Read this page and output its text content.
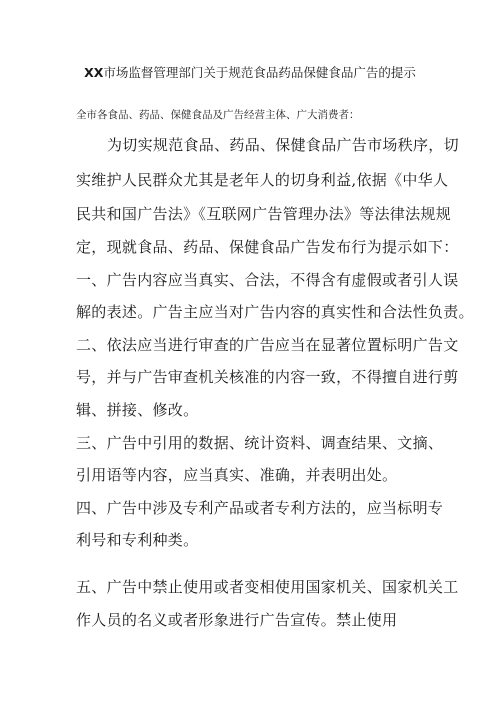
XX市场监督管理部门关于规范食品药品保健食品广告的提示
全市各食品、药品、保健食品及广告经营主体、广大消费者：
为切实规范食品、药品、保健食品广告市场秩序，切
实维护人民群众尤其是老年人的切身利益,依据《中华人
民共和国广告法》《互联网广告管理办法》等法律法规规
定，现就食品、药品、保健食品广告发布行为提示如下：
一、广告内容应当真实、合法，不得含有虚假或者引人误
解的表述。广告主应当对广告内容的真实性和合法性负责。
二、依法应当进行审查的广告应当在显著位置标明广告文
号，并与广告审查机关核准的内容一致，不得擅自进行剪
辑、拼接、修改。
三、广告中引用的数据、统计资料、调查结果、文摘、
引用语等内容，应当真实、准确，并表明出处。
四、广告中涉及专利产品或者专利方法的，应当标明专
利号和专利种类。
五、广告中禁止使用或者变相使用国家机关、国家机关工
作人员的名义或者形象进行广告宣传。禁止使用
